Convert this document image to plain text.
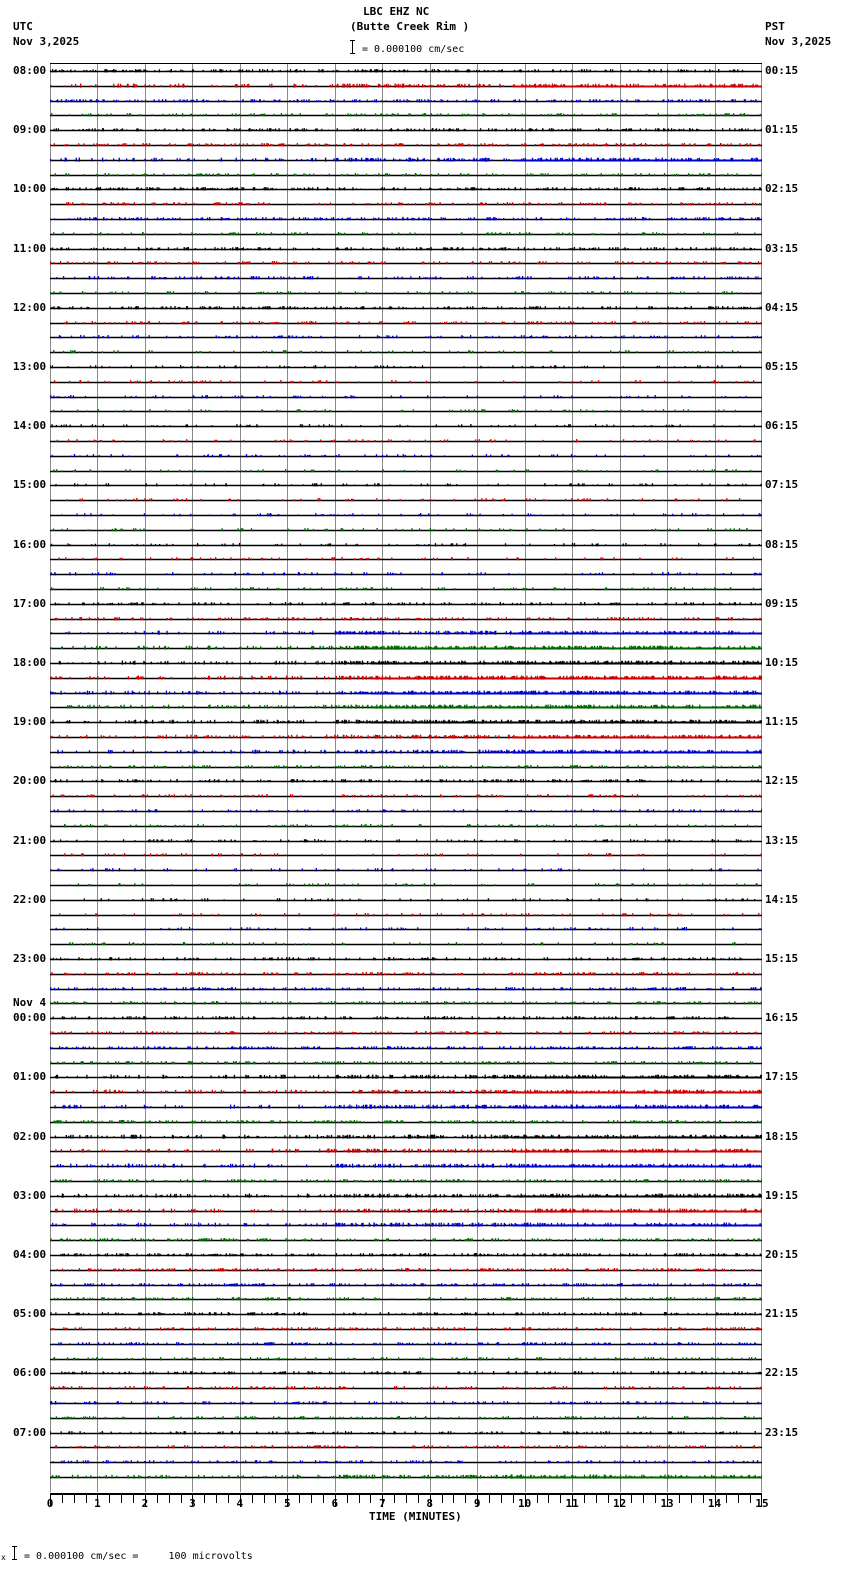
UTC
Nov 3,2025
LBC EHZ NC
(Butte Creek Rim )
= 0.000100 cm/sec
PST
Nov 3,2025
08:00	00:15
09:00	01:15
10:00	02:15
11:00	03:15
12:00	04:15
13:00	05:15
14:00	06:15
15:00	07:15
16:00	08:15
17:00	09:15
18:00	10:15
19:00	11:15
20:00	12:15
21:00	13:15
22:00	14:15
23:00	15:15
00:00	16:15
Nov 4
01:00	17:15
02:00	18:15
03:00	19:15
04:00	20:15
05:00	21:15
06:00	22:15
07:00	23:15
0	1	2	3	4	5	6	7	8	9	10	11	12	13	14	15
TIME (MINUTES)
x = 0.000100 cm/sec =     100 microvolts
